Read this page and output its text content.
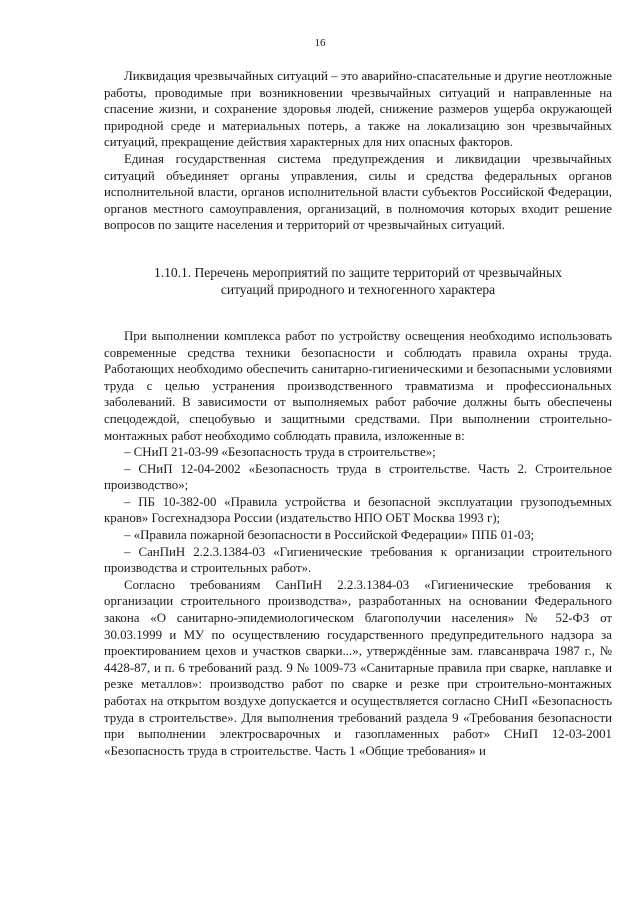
16

Ликвидация чрезвычайных ситуаций – это аварийно-спасательные и другие неотложные работы, проводимые при возникновении чрезвычайных ситуаций и направленные на спасение жизни, и сохранение здоровья людей, снижение размеров ущерба окружающей природной среде и материальных потерь, а также на локализацию зон чрезвычайных ситуаций, прекращение действия характерных для них опасных факторов.

Единая государственная система предупреждения и ликвидации чрезвычайных ситуаций объединяет органы управления, силы и средства федеральных органов исполнительной власти, органов исполнительной власти субъектов Российской Федерации, органов местного самоуправления, организаций, в полномочия которых входит решение вопросов по защите населения и территорий от чрезвычайных ситуаций.

1.10.1. Перечень мероприятий по защите территорий от чрезвычайных
ситуаций природного и техногенного характера

При выполнении комплекса работ по устройству освещения необходимо использовать современные средства техники безопасности и соблюдать правила охраны труда. Работающих необходимо обеспечить санитарно-гигиеническими и безопасными условиями труда с целью устранения производственного травматизма и профессиональных заболеваний. В зависимости от выполняемых работ рабочие должны быть обеспечены спецодеждой, спецобувью и защитными средствами. При выполнении строительно-монтажных работ необходимо соблюдать правила, изложенные в:

– СНиП 21-03-99 «Безопасность труда в строительстве»;

– СНиП 12-04-2002 «Безопасность труда в строительстве. Часть 2. Строительное производство»;

– ПБ 10-382-00 «Правила устройства и безопасной эксплуатации грузоподъемных кранов» Госгехнадзора России (издательство НПО ОБТ Москва 1993 г);

– «Правила пожарной безопасности в Российской Федерации» ППБ 01-03;

– СанПиН 2.2.3.1384-03 «Гигиенические требования к организации строительного производства и строительных работ».

Согласно требованиям СанПиН 2.2.3.1384-03 «Гигиенические требования к организации строительного производства», разработанных на основании Федерального закона «О санитарно-эпидемиологическом благополучии населения» № 52-ФЗ от 30.03.1999 и МУ по осуществлению государственного предупредительного надзора за проектированием цехов и участков сварки...», утверждённые зам. главсанврача 1987 г., № 4428-87, и п. 6 требований разд. 9 № 1009-73 «Санитарные правила при сварке, наплавке и резке металлов»: производство работ по сварке и резке при строительно-монтажных работах на открытом воздухе допускается и осуществляется согласно СНиП «Безопасность труда в строительстве». Для выполнения требований раздела 9 «Требования безопасности при выполнении электросварочных и газопламенных работ» СНиП 12-03-2001 «Безопасность труда в строительстве. Часть 1 «Общие требования» и
